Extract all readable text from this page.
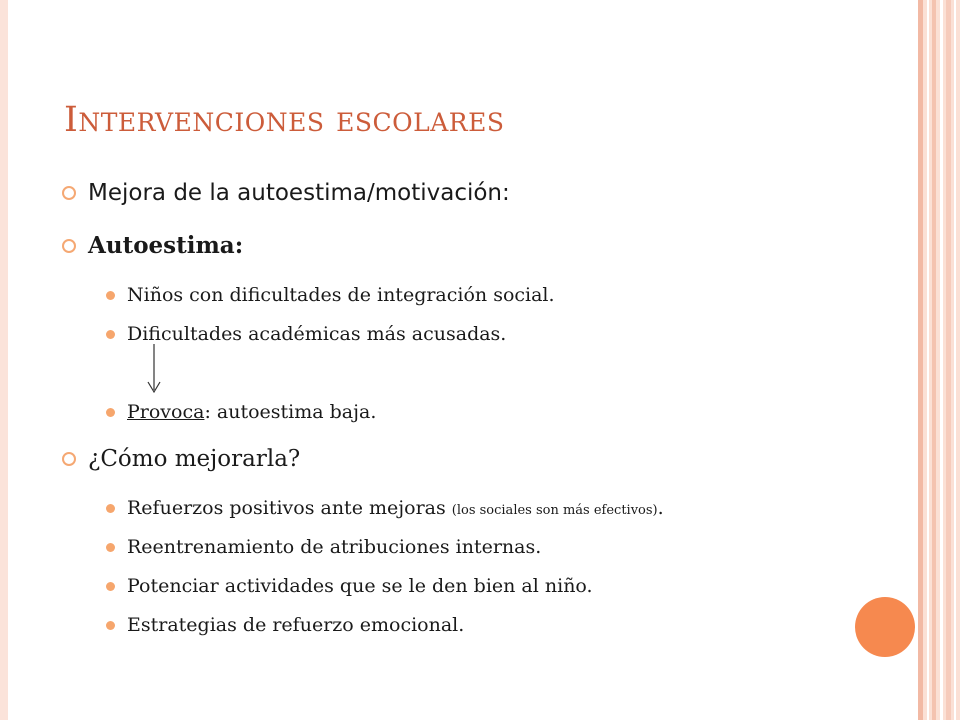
Intervenciones escolares
Mejora de la autoestima/motivación:
Autoestima:
Niños con dificultades de integración social.
Dificultades académicas más acusadas.
Provoca: autoestima baja.
¿Cómo mejorarla?
Refuerzos positivos ante mejoras (los sociales son más efectivos).
Reentrenamiento de atribuciones internas.
Potenciar actividades que se le den bien al niño.
Estrategias de refuerzo emocional.
